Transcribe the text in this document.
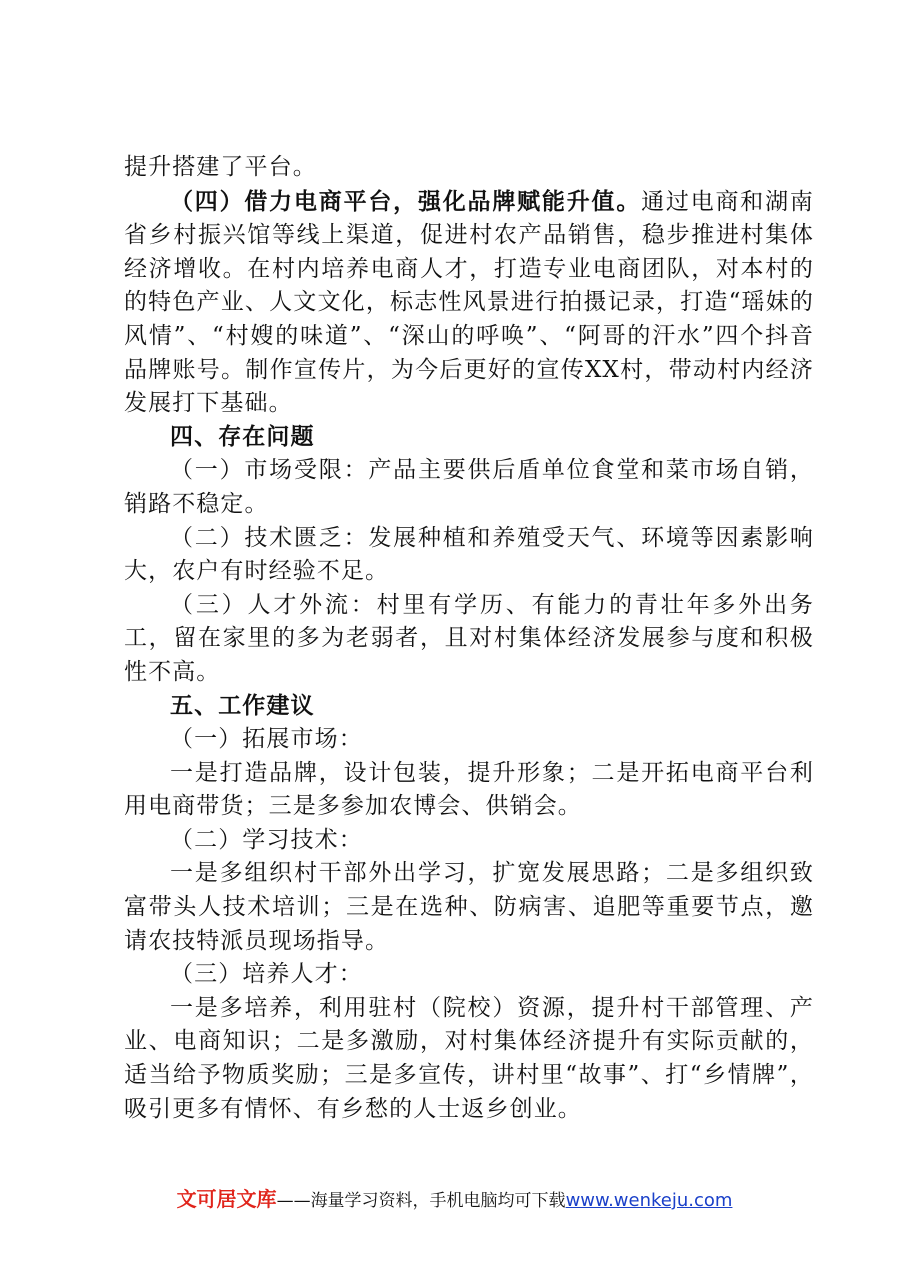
提升搭建了平台。

（四）借力电商平台，强化品牌赋能升值。通过电商和湖南省乡村振兴馆等线上渠道，促进村农产品销售，稳步推进村集体经济增收。在村内培养电商人才，打造专业电商团队，对本村的的特色产业、人文文化，标志性风景进行拍摄记录，打造“瑶妹的风情”、“村嫂的味道”、“深山的呼唤”、“阿哥的汗水”四个抖音品牌账号。制作宣传片，为今后更好的宣传XX村，带动村内经济发展打下基础。

四、存在问题

（一）市场受限：产品主要供后盾单位食堂和菜市场自销，销路不稳定。

（二）技术匮乏：发展种植和养殖受天气、环境等因素影响大，农户有时经验不足。

（三）人才外流：村里有学历、有能力的青壮年多外出务工，留在家里的多为老弱者，且对村集体经济发展参与度和积极性不高。

五、工作建议

（一）拓展市场：

一是打造品牌，设计包装，提升形象；二是开拓电商平台利用电商带货；三是多参加农博会、供销会。

（二）学习技术：

一是多组织村干部外出学习，扩宽发展思路；二是多组织致富带头人技术培训；三是在选种、防病害、追肥等重要节点，邀请农技特派员现场指导。

（三）培养人才：

一是多培养，利用驻村（院校）资源，提升村干部管理、产业、电商知识；二是多激励，对村集体经济提升有实际贡献的，适当给予物质奖励；三是多宣传，讲村里“故事”、打“乡情牌”，吸引更多有情怀、有乡愁的人士返乡创业。

文可居文库——海量学习资料，手机电脑均可下载www.wenkeju.com
